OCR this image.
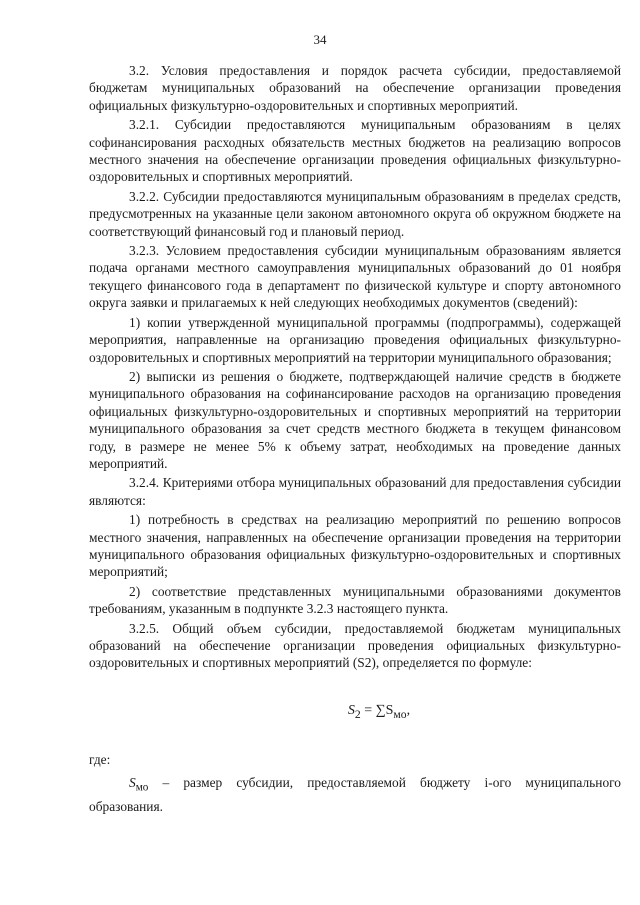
34

3.2. Условия предоставления и порядок расчета субсидии, предоставляемой бюджетам муниципальных образований на обеспечение организации проведения официальных физкультурно-оздоровительных и спортивных мероприятий.

3.2.1. Субсидии предоставляются муниципальным образованиям в целях софинансирования расходных обязательств местных бюджетов на реализацию вопросов местного значения на обеспечение организации проведения официальных физкультурно-оздоровительных и спортивных мероприятий.

3.2.2. Субсидии предоставляются муниципальным образованиям в пределах средств, предусмотренных на указанные цели законом автономного округа об окружном бюджете на соответствующий финансовый год и плановый период.

3.2.3. Условием предоставления субсидии муниципальным образованиям является подача органами местного самоуправления муниципальных образований до 01 ноября текущего финансового года в департамент по физической культуре и спорту автономного округа заявки и прилагаемых к ней следующих необходимых документов (сведений):

1) копии утвержденной муниципальной программы (подпрограммы), содержащей мероприятия, направленные на организацию проведения официальных физкультурно-оздоровительных и спортивных мероприятий на территории муниципального образования;

2) выписки из решения о бюджете, подтверждающей наличие средств в бюджете муниципального образования на софинансирование расходов на организацию проведения официальных физкультурно-оздоровительных и спортивных мероприятий на территории муниципального образования за счет средств местного бюджета в текущем финансовом году, в размере не менее 5% к объему затрат, необходимых на проведение данных мероприятий.

3.2.4. Критериями отбора муниципальных образований для предоставления субсидии являются:

1) потребность в средствах на реализацию мероприятий по решению вопросов местного значения, направленных на обеспечение организации проведения на территории муниципального образования официальных физкультурно-оздоровительных и спортивных мероприятий;

2) соответствие представленных муниципальными образованиями документов требованиям, указанным в подпункте 3.2.3 настоящего пункта.

3.2.5. Общий объем субсидии, предоставляемой бюджетам муниципальных образований на обеспечение организации проведения официальных физкультурно-оздоровительных и спортивных мероприятий (S2), определяется по формуле:

$S_2 = \sum S_{мо}$,

где:

$S_{мо}$ – размер субсидии, предоставляемой бюджету i-ого муниципального образования.
